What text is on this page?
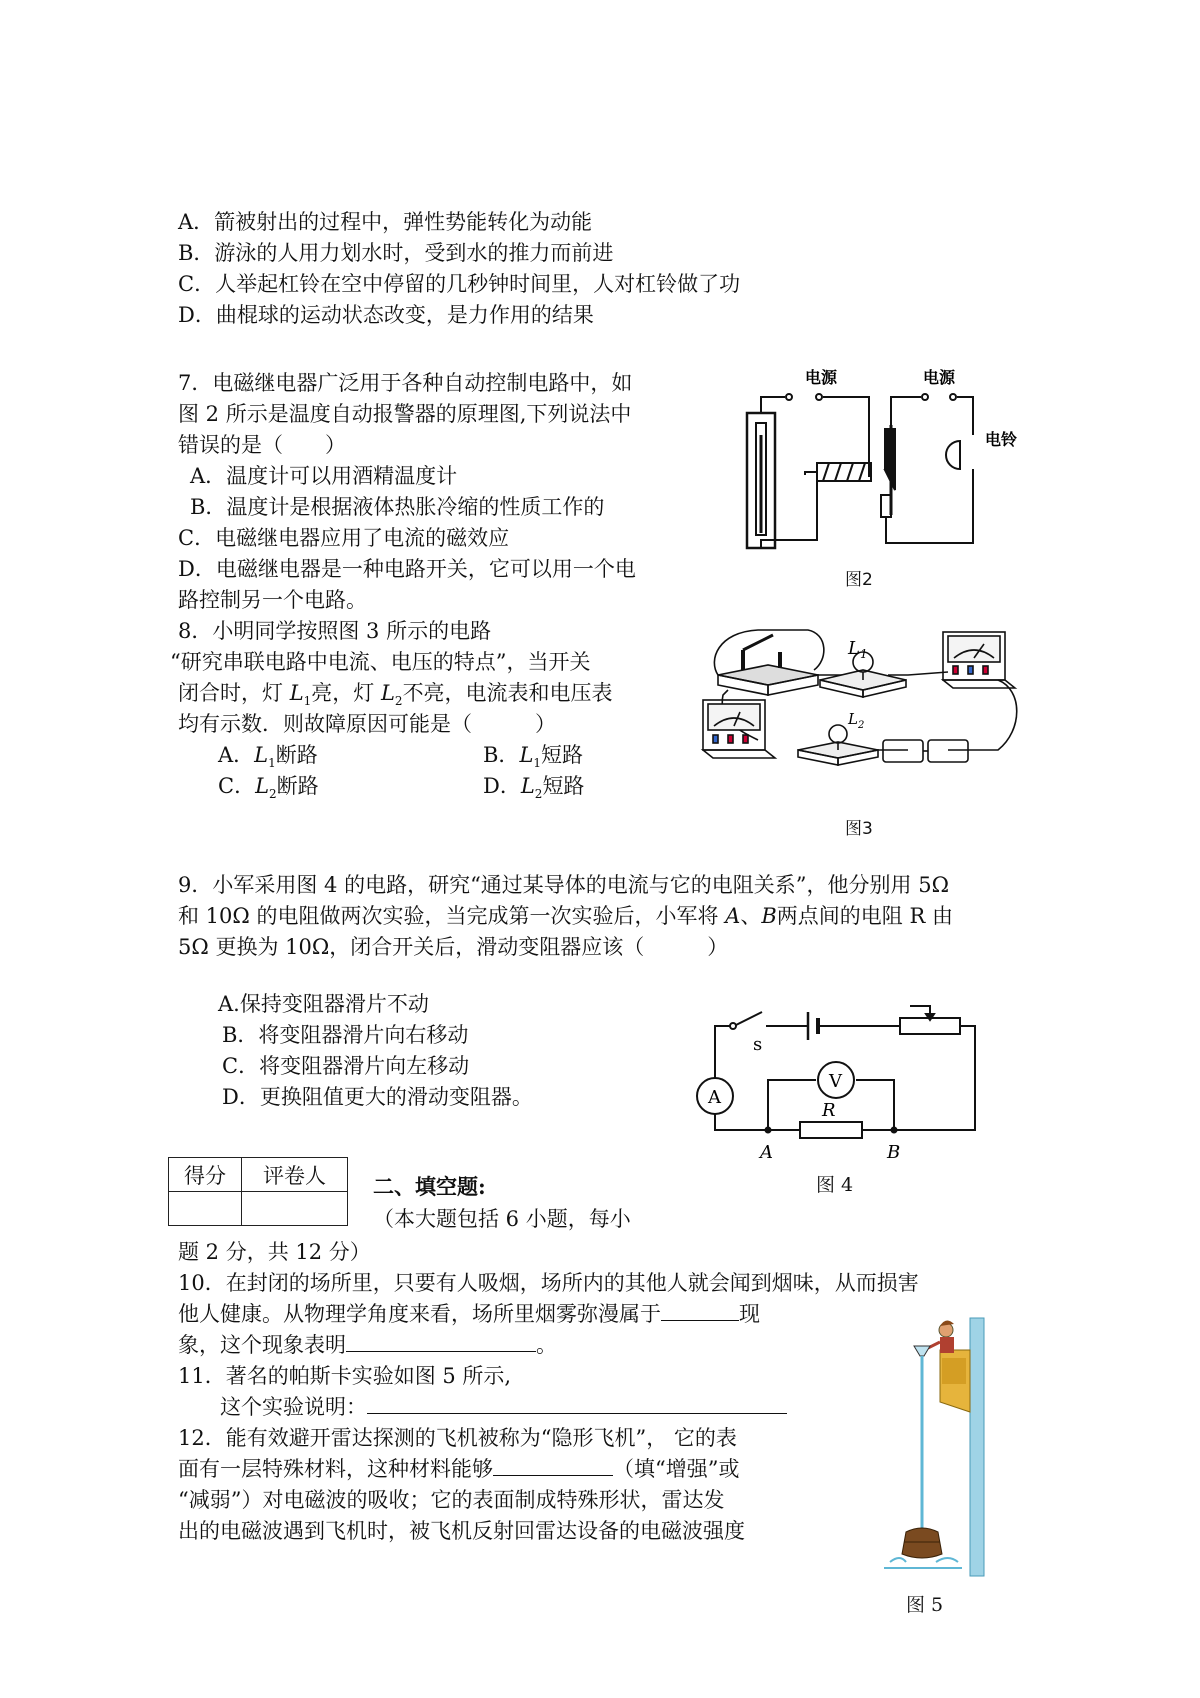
A．箭被射出的过程中，弹性势能转化为动能
B．游泳的人用力划水时，受到水的推力而前进
C．人举起杠铃在空中停留的几秒钟时间里，人对杠铃做了功
D．曲棍球的运动状态改变，是力作用的结果
7．电磁继电器广泛用于各种自动控制电路中，如
图 2 所示是温度自动报警器的原理图,下列说法中
错误的是（　　）
A．温度计可以用酒精温度计
B．温度计是根据液体热胀冷缩的性质工作的
C．电磁继电器应用了电流的磁效应
D．电磁继电器是一种电路开关，它可以用一个电
路控制另一个电路。
电源	电源
电铃
图2
8．小明同学按照图 3 所示的电路
“研究串联电路中电流、电压的特点”，当开关
闭合时，灯 $L_1$亮，灯 $L_2$不亮，电流表和电压表
均有示数．则故障原因可能是（　　　）
A．$L_1$断路	B．$L_1$短路
C．$L_2$断路	D．$L_2$短路
$L_1$
$L_2$
图3
9．小军采用图 4 的电路，研究“通过某导体的电流与它的电阻关系”，他分别用 5Ω
和 10Ω 的电阻做两次实验，当完成第一次实验后，小军将 A、B两点间的电阻 R 由
5Ω 更换为 10Ω，闭合开关后，滑动变阻器应该（　　　）
A.保持变阻器滑片不动
B．将变阻器滑片向右移动
C．将变阻器滑片向左移动
D．更换阻值更大的滑动变阻器。
s
A
V
R
A	B
图 4
得分	评卷人
	二、填空题:
（本大题包括 6 小题，每小
题 2 分，共 12 分）
10．在封闭的场所里，只要有人吸烟，场所内的其他人就会闻到烟味，从而损害
他人健康。从物理学角度来看，场所里烟雾弥漫属于	现
象，这个现象表明	。
11．著名的帕斯卡实验如图 5 所示,
这个实验说明：
12．能有效避开雷达探测的飞机被称为“隐形飞机”， 它的表
面有一层特殊材料，这种材料能够	（填“增强”或
“减弱”）对电磁波的吸收；它的表面制成特殊形状，雷达发
出的电磁波遇到飞机时，被飞机反射回雷达设备的电磁波强度
图 5
